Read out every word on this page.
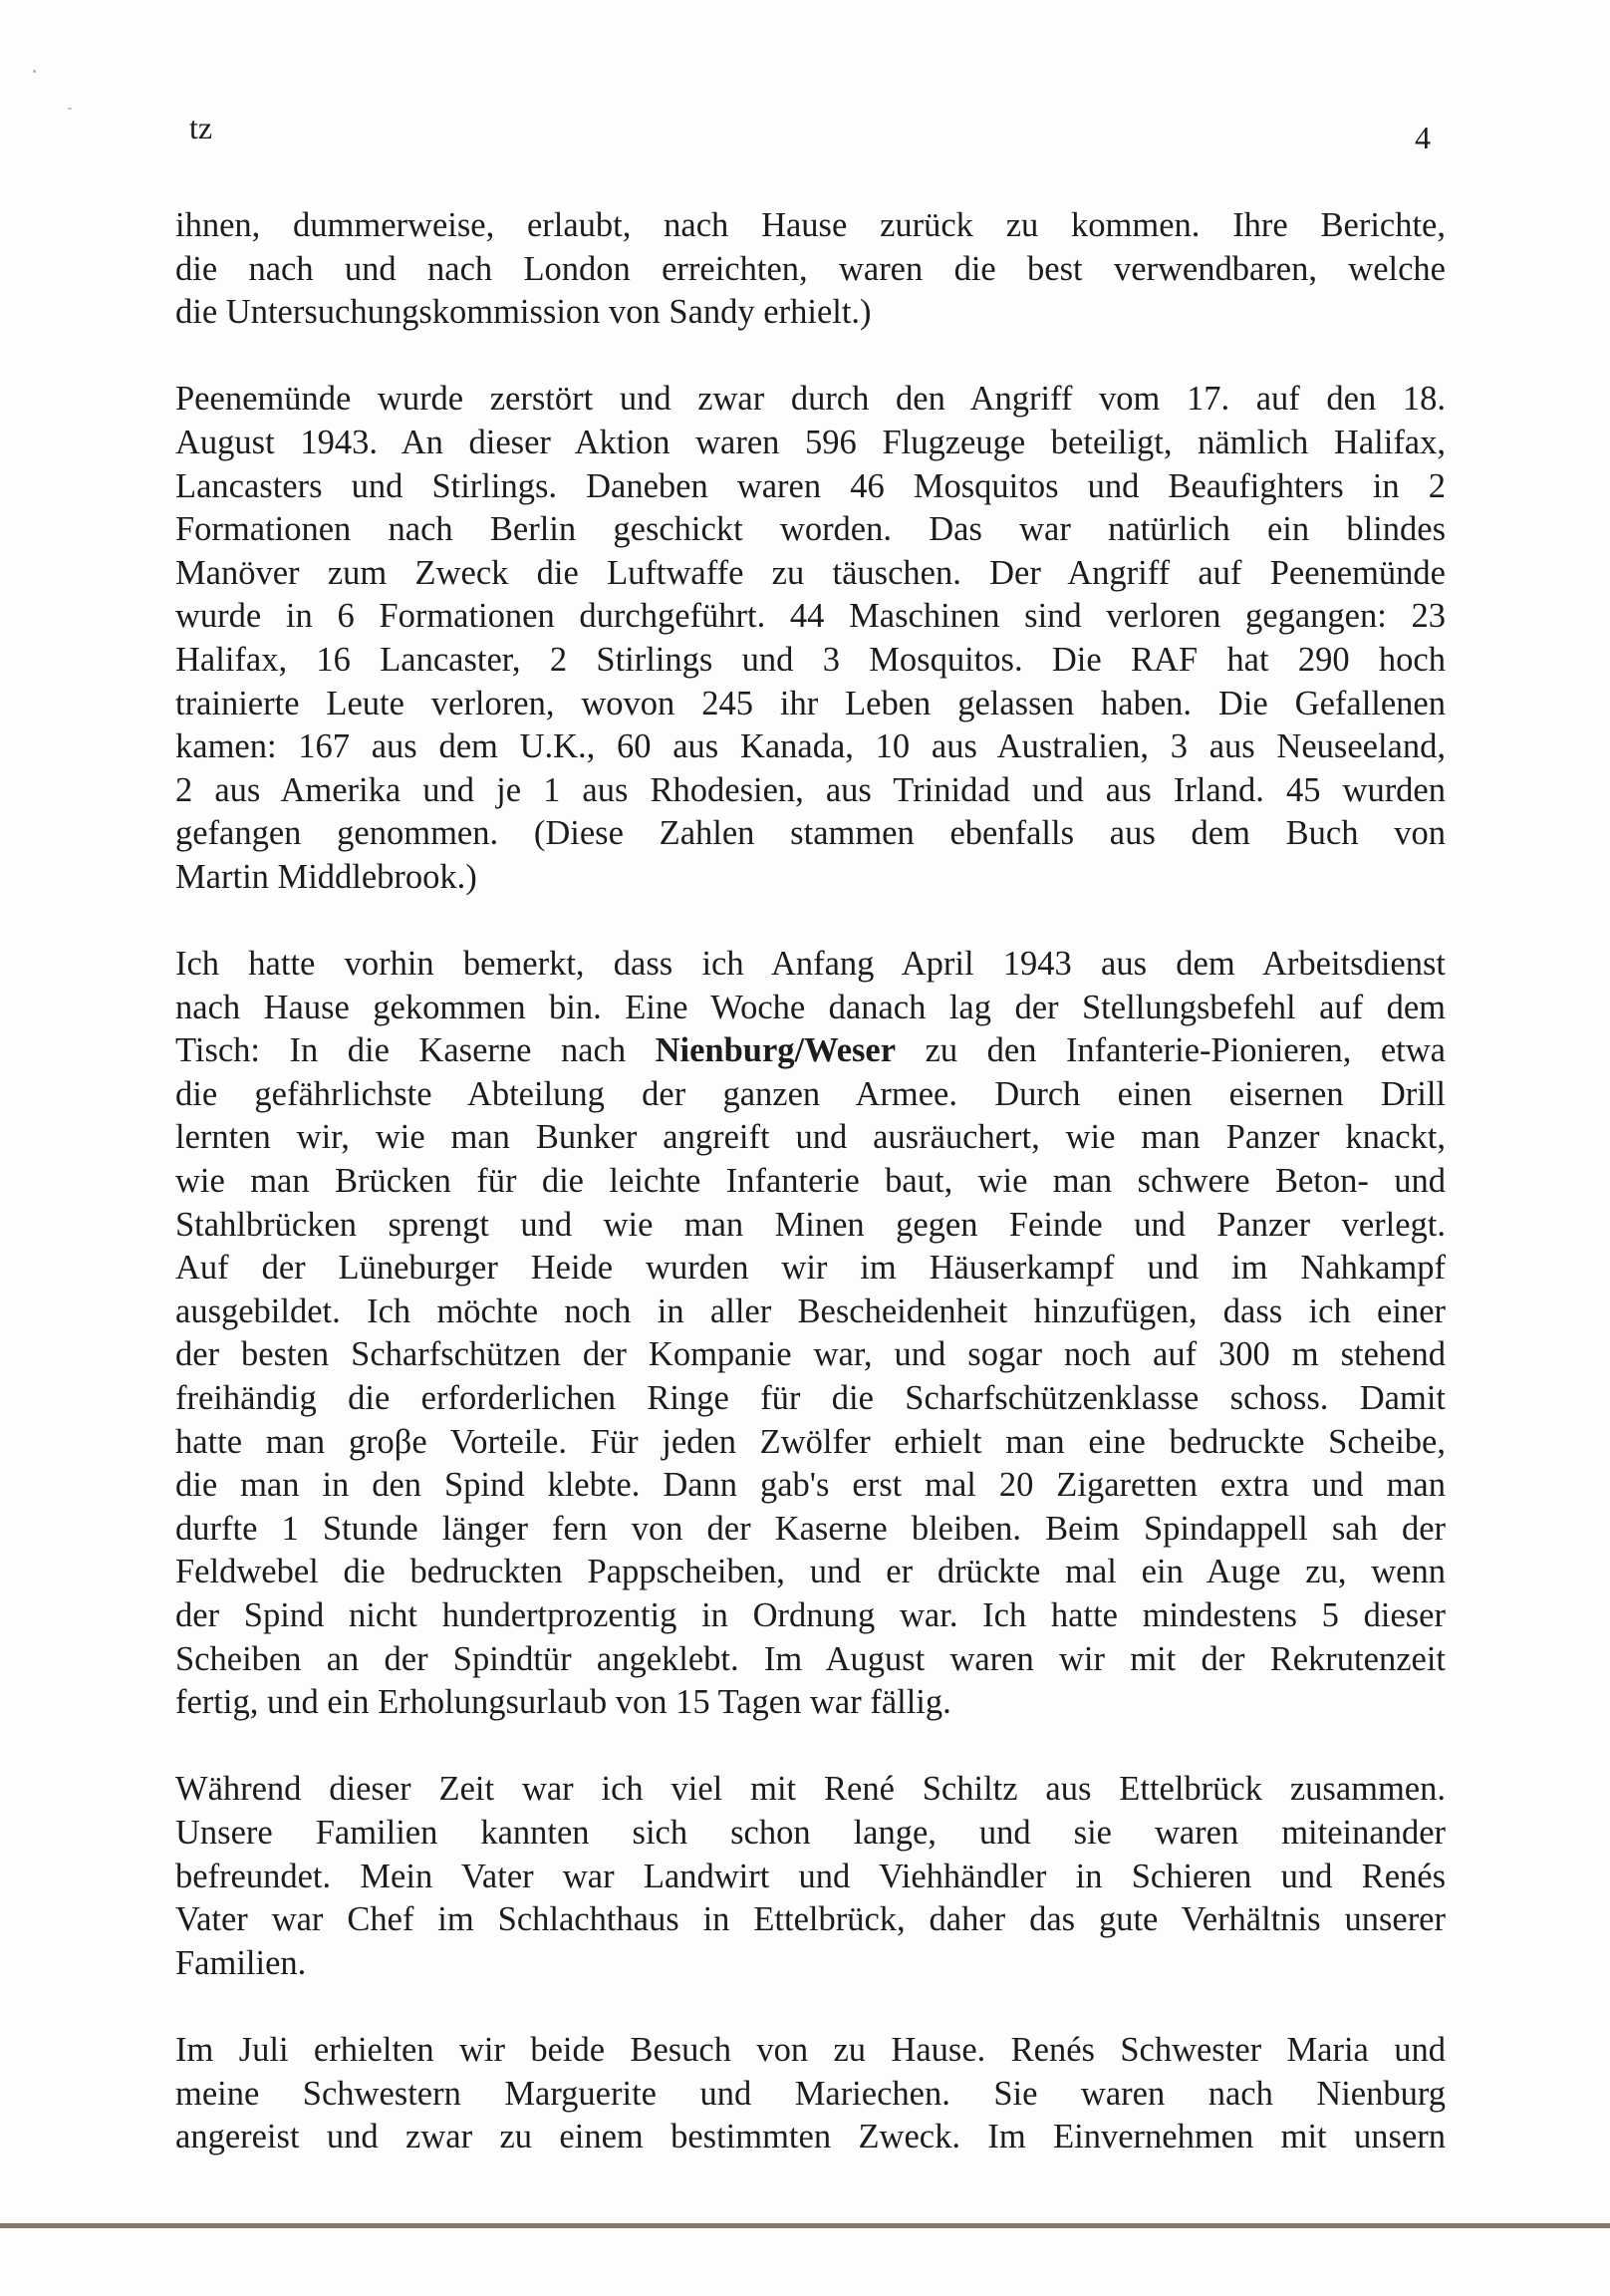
tz	4
ihnen, dummerweise, erlaubt, nach Hause zurück zu kommen. Ihre Berichte,
die nach und nach London erreichten, waren die best verwendbaren, welche
die Untersuchungskommission von Sandy erhielt.)
Peenemünde wurde zerstört und zwar durch den Angriff vom 17. auf den 18.
August 1943. An dieser Aktion waren 596 Flugzeuge beteiligt, nämlich Halifax,
Lancasters und Stirlings. Daneben waren 46 Mosquitos und Beaufighters in 2
Formationen nach Berlin geschickt worden. Das war natürlich ein blindes
Manöver zum Zweck die Luftwaffe zu täuschen. Der Angriff auf Peenemünde
wurde in 6 Formationen durchgeführt. 44 Maschinen sind verloren gegangen: 23
Halifax, 16 Lancaster, 2 Stirlings und 3 Mosquitos. Die RAF hat 290 hoch
trainierte Leute verloren, wovon 245 ihr Leben gelassen haben. Die Gefallenen
kamen: 167 aus dem U.K., 60 aus Kanada, 10 aus Australien, 3 aus Neuseeland,
2 aus Amerika und je 1 aus Rhodesien, aus Trinidad und aus Irland. 45 wurden
gefangen genommen. (Diese Zahlen stammen ebenfalls aus dem Buch von
Martin Middlebrook.)
Ich hatte vorhin bemerkt, dass ich Anfang April 1943 aus dem Arbeitsdienst
nach Hause gekommen bin. Eine Woche danach lag der Stellungsbefehl auf dem
Tisch: In die Kaserne nach Nienburg/Weser zu den Infanterie-Pionieren, etwa
die gefährlichste Abteilung der ganzen Armee. Durch einen eisernen Drill
lernten wir, wie man Bunker angreift und ausräuchert, wie man Panzer knackt,
wie man Brücken für die leichte Infanterie baut, wie man schwere Beton- und
Stahlbrücken sprengt und wie man Minen gegen Feinde und Panzer verlegt.
Auf der Lüneburger Heide wurden wir im Häuserkampf und im Nahkampf
ausgebildet. Ich möchte noch in aller Bescheidenheit hinzufügen, dass ich einer
der besten Scharfschützen der Kompanie war, und sogar noch auf 300 m stehend
freihändig die erforderlichen Ringe für die Scharfschützenklasse schoss. Damit
hatte man groβe Vorteile. Für jeden Zwölfer erhielt man eine bedruckte Scheibe,
die man in den Spind klebte. Dann gab's erst mal 20 Zigaretten extra und man
durfte 1 Stunde länger fern von der Kaserne bleiben. Beim Spindappell sah der
Feldwebel die bedruckten Pappscheiben, und er drückte mal ein Auge zu, wenn
der Spind nicht hundertprozentig in Ordnung war. Ich hatte mindestens 5 dieser
Scheiben an der Spindtür angeklebt. Im August waren wir mit der Rekrutenzeit
fertig, und ein Erholungsurlaub von 15 Tagen war fällig.
Während dieser Zeit war ich viel mit René Schiltz aus Ettelbrück zusammen.
Unsere Familien kannten sich schon lange, und sie waren miteinander
befreundet. Mein Vater war Landwirt und Viehhändler in Schieren und Renés
Vater war Chef im Schlachthaus in Ettelbrück, daher das gute Verhältnis unserer
Familien.
Im Juli erhielten wir beide Besuch von zu Hause. Renés Schwester Maria und
meine Schwestern Marguerite und Mariechen. Sie waren nach Nienburg
angereist und zwar zu einem bestimmten Zweck. Im Einvernehmen mit unsern
